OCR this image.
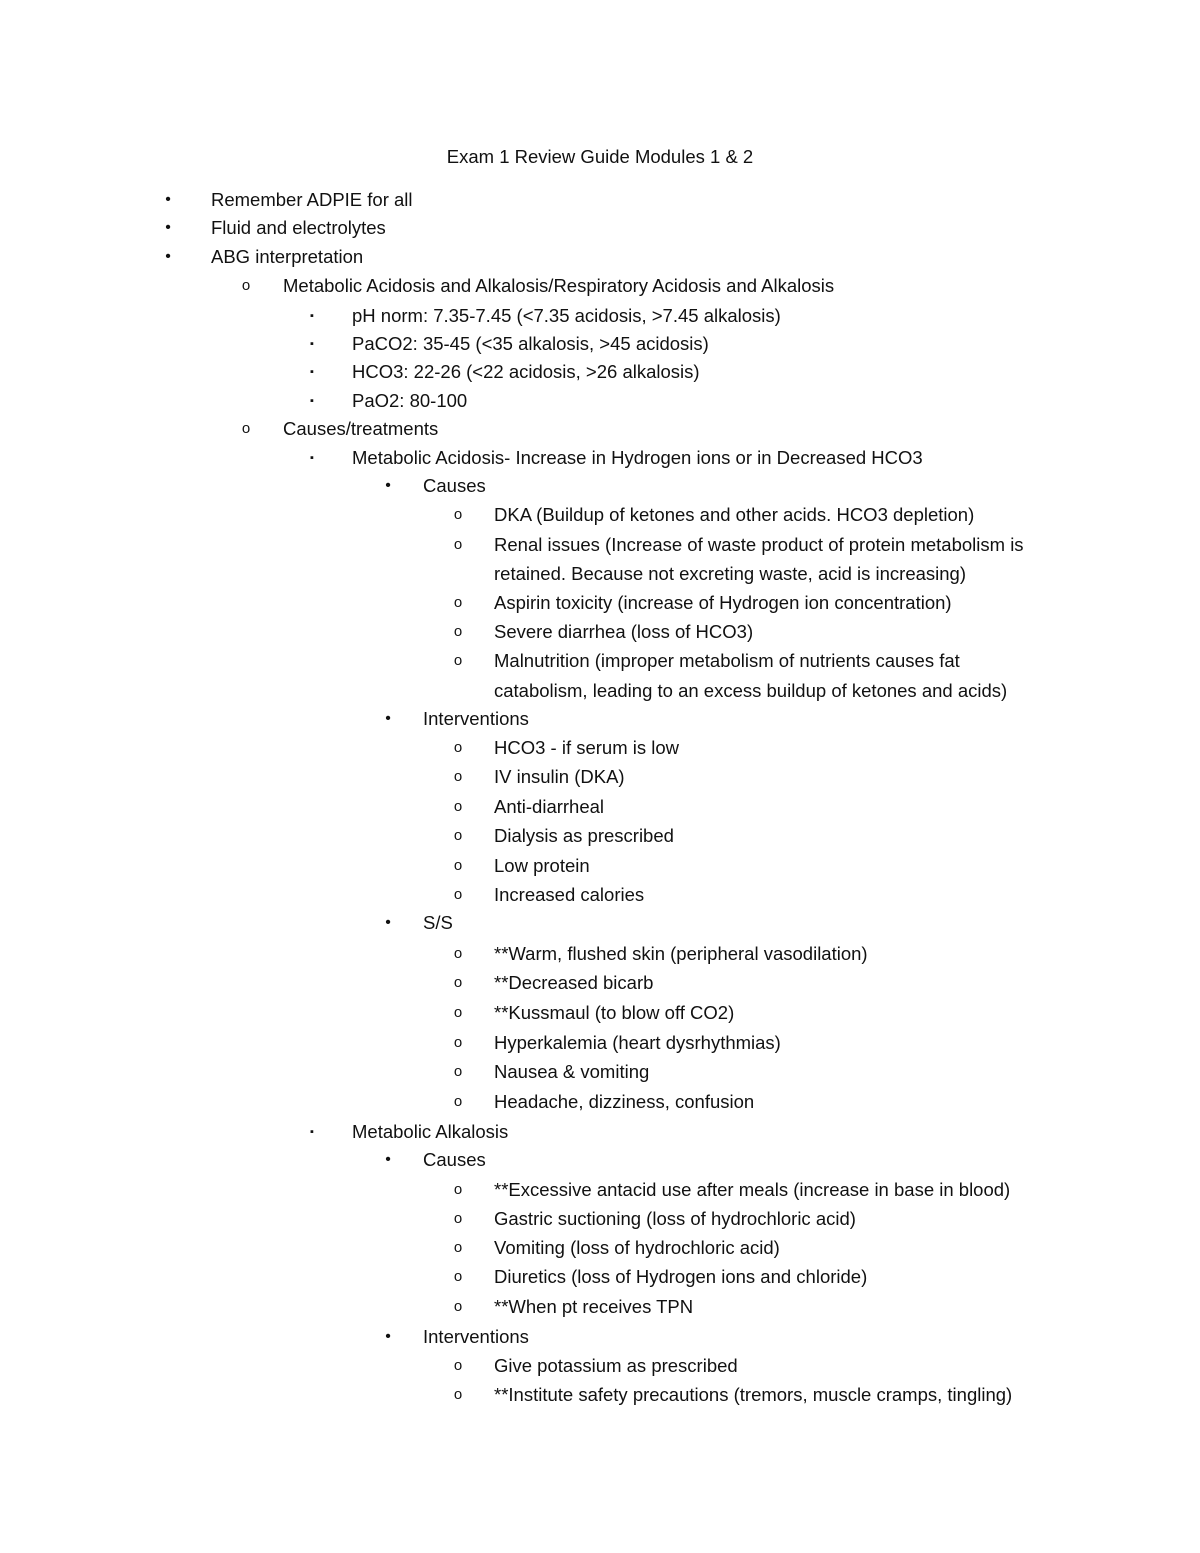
Exam 1 Review Guide Modules 1 & 2
•	Remember ADPIE for all
•	Fluid and electrolytes
•	ABG interpretation
o	Metabolic Acidosis and Alkalosis/Respiratory Acidosis and Alkalosis
▪	pH norm: 7.35-7.45 (<7.35 acidosis, >7.45 alkalosis)
▪	PaCO2: 35-45 (<35 alkalosis, >45 acidosis)
▪	HCO3: 22-26 (<22 acidosis, >26 alkalosis)
▪	PaO2: 80-100
o	Causes/treatments
▪	Metabolic Acidosis- Increase in Hydrogen ions or in Decreased HCO3
•	Causes
o	DKA (Buildup of ketones and other acids. HCO3 depletion)
o	Renal issues (Increase of waste product of protein metabolism is
retained. Because not excreting waste, acid is increasing)
o	Aspirin toxicity (increase of Hydrogen ion concentration)
o	Severe diarrhea (loss of HCO3)
o	Malnutrition (improper metabolism of nutrients causes fat
catabolism, leading to an excess buildup of ketones and acids)
•	Interventions
o	HCO3 - if serum is low
o	IV insulin (DKA)
o	Anti-diarrheal
o	Dialysis as prescribed
o	Low protein
o	Increased calories
•	S/S
o	**Warm, flushed skin (peripheral vasodilation)
o	**Decreased bicarb
o	**Kussmaul (to blow off CO2)
o	Hyperkalemia (heart dysrhythmias)
o	Nausea & vomiting
o	Headache, dizziness, confusion
▪	Metabolic Alkalosis
•	Causes
o	**Excessive antacid use after meals (increase in base in blood)
o	Gastric suctioning (loss of hydrochloric acid)
o	Vomiting (loss of hydrochloric acid)
o	Diuretics (loss of Hydrogen ions and chloride)
o	**When pt receives TPN
•	Interventions
o	Give potassium as prescribed
o	**Institute safety precautions (tremors, muscle cramps, tingling)
